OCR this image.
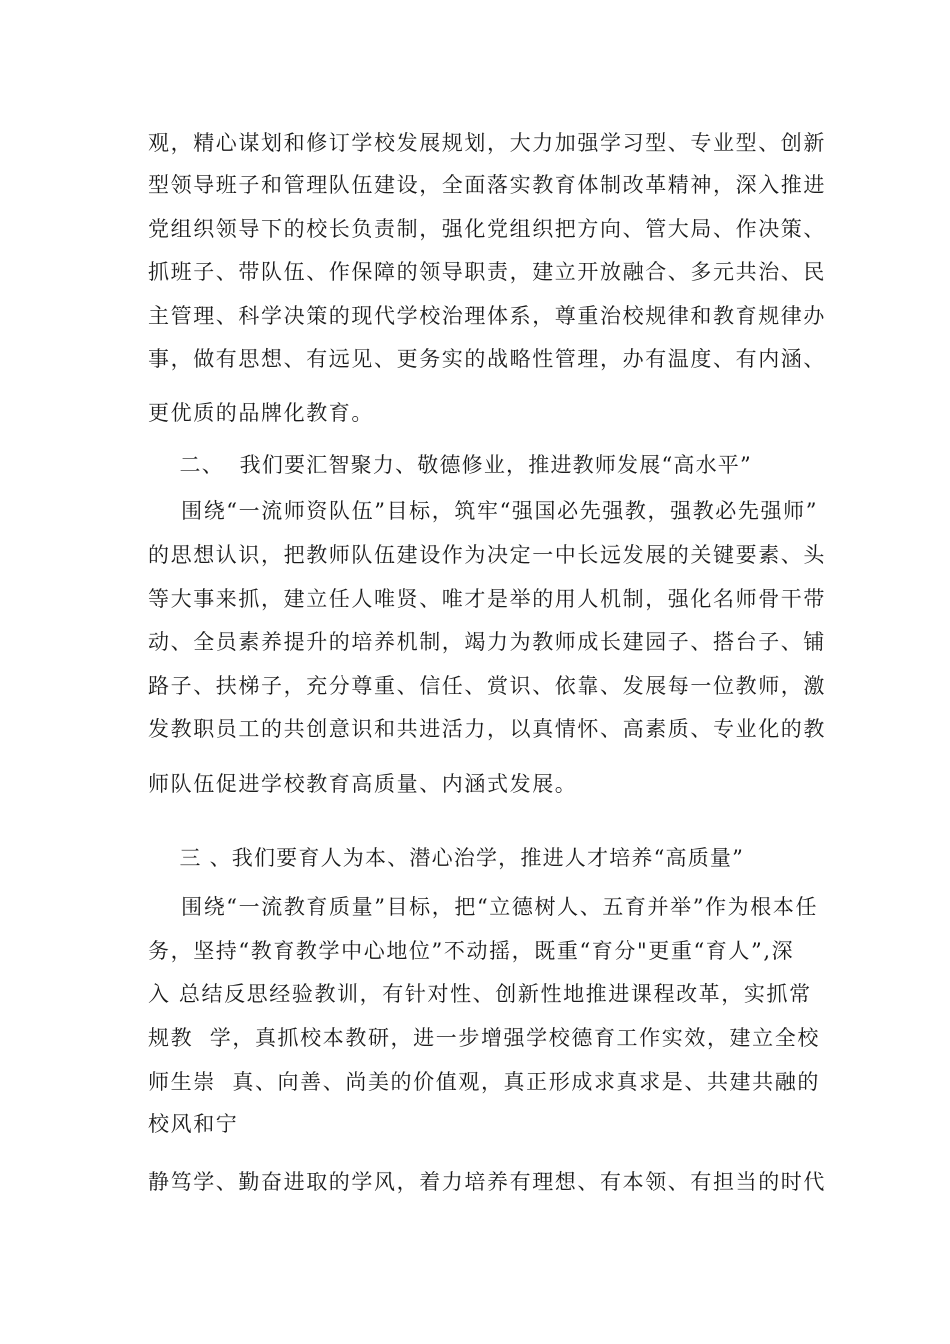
观，精心谋划和修订学校发展规划，大力加强学习型、专业型、创新
型领导班子和管理队伍建设，全面落实教育体制改革精神，深入推进
党组织领导下的校长负责制，强化党组织把方向、管大局、作决策、
抓班子、带队伍、作保障的领导职责，建立开放融合、多元共治、民
主管理、科学决策的现代学校治理体系，尊重治校规律和教育规律办
事，做有思想、有远见、更务实的战略性管理，办有温度、有内涵、
更优质的品牌化教育。
二、  我们要汇智聚力、敬德修业，推进教师发展“高水平”
围绕“一流师资队伍”目标，筑牢“强国必先强教，强教必先强师”
的思想认识，把教师队伍建设作为决定一中长远发展的关键要素、头
等大事来抓，建立任人唯贤、唯才是举的用人机制，强化名师骨干带
动、全员素养提升的培养机制，竭力为教师成长建园子、搭台子、铺
路子、扶梯子，充分尊重、信任、赏识、依靠、发展每一位教师，激
发教职员工的共创意识和共进活力，以真情怀、高素质、专业化的教
师队伍促进学校教育高质量、内涵式发展。
三 、我们要育人为本、潜心治学，推进人才培养“高质量”
围绕“一流教育质量”目标，把“立德树人、五育并举”作为根本任
务，坚持“教育教学中心地位”不动摇，既重“育分"更重“育人”,深
入 总结反思经验教训，有针对性、创新性地推进课程改革，实抓常
规教  学，真抓校本教研，进一步增强学校德育工作实效，建立全校
师生崇  真、向善、尚美的价值观，真正形成求真求是、共建共融的
校风和宁
静笃学、勤奋进取的学风，着力培养有理想、有本领、有担当的时代
